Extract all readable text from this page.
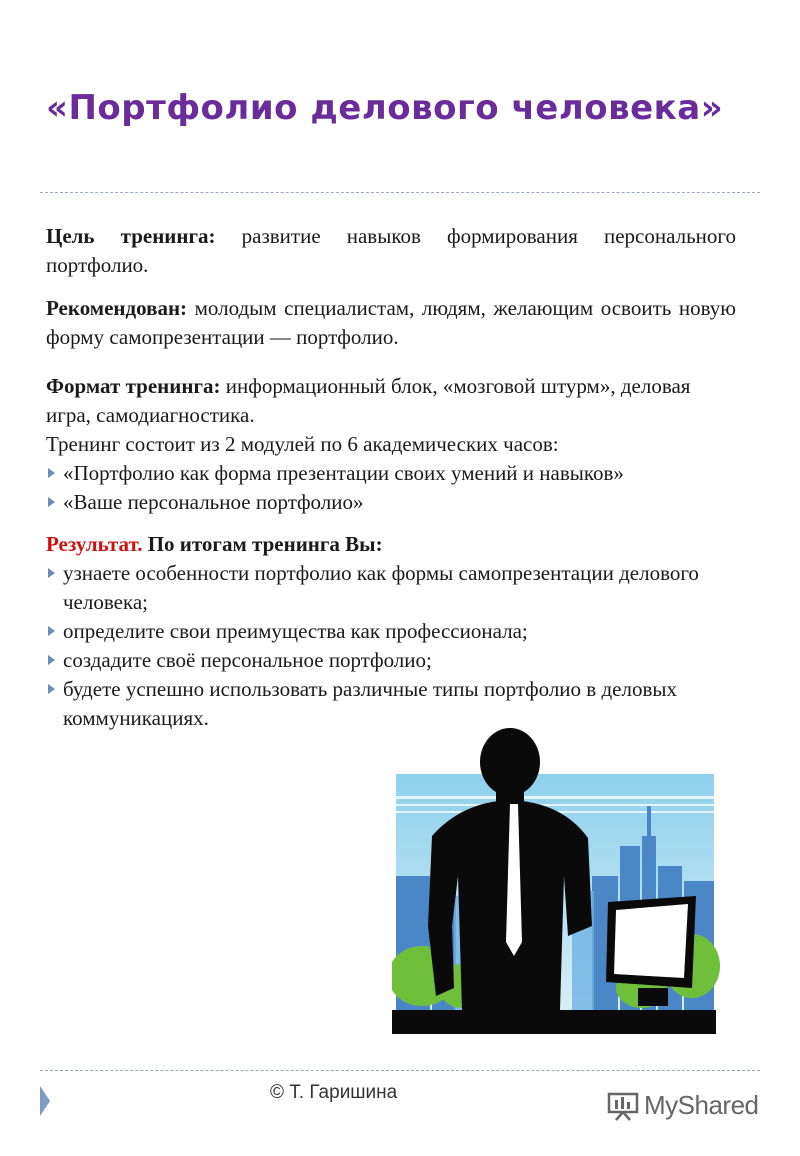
«Портфолио делового человека»

Цель тренинга: развитие навыков формирования персонального портфолио.

Рекомендован: молодым специалистам, людям, желающим освоить новую форму самопрезентации — портфолио.

Формат тренинга: информационный блок, «мозговой штурм», деловая игра, самодиагностика.

Тренинг состоит из 2 модулей по 6 академических часов:

«Портфолио как форма презентации своих умений и навыков»
«Ваше персональное портфолио»

Результат. По итогам тренинга Вы:

узнаете особенности портфолио как формы самопрезентации делового человека;
определите свои преимущества как профессионала;
создадите своё персональное портфолио;
будете успешно использовать различные типы портфолио в деловых коммуникациях.
© Т. Гаришина	MyShared
